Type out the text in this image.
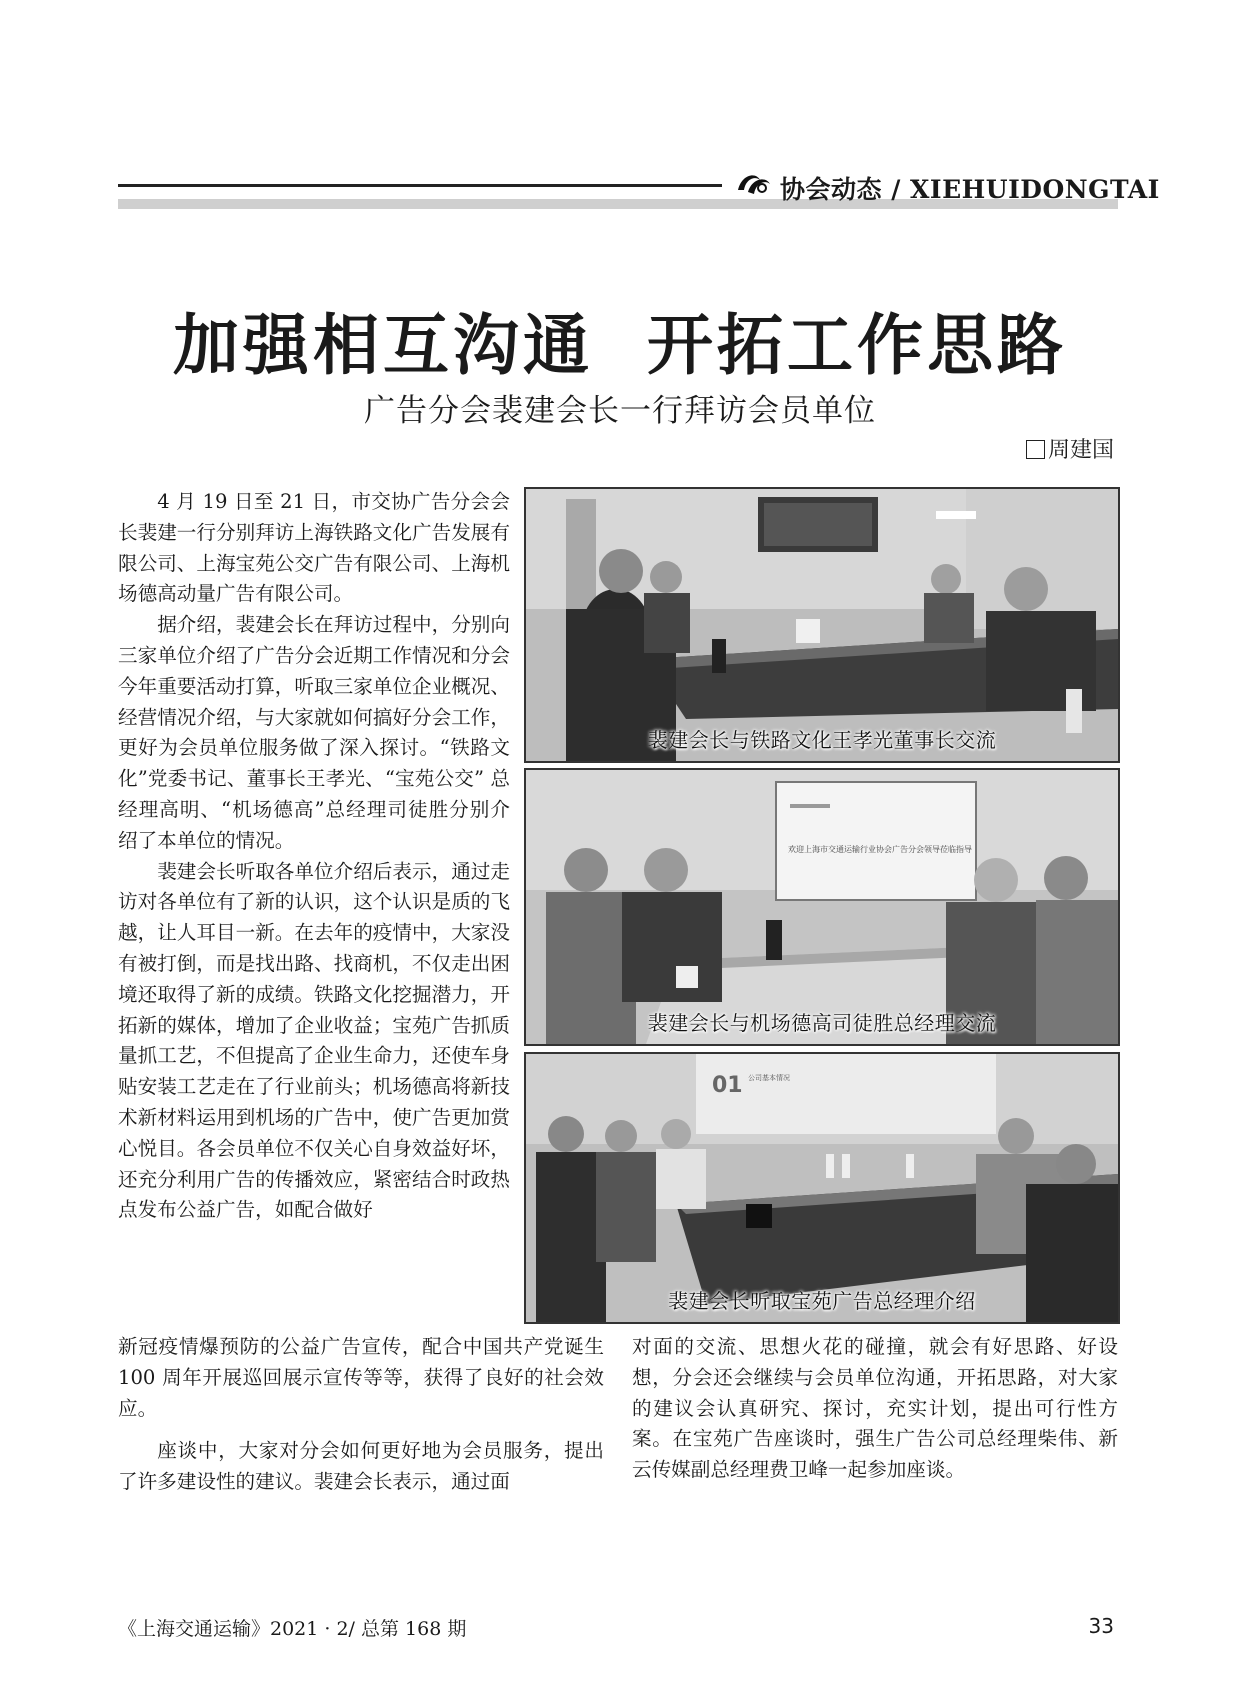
协会动态 / XIEHUIDONGTAI
加强相互沟通  开拓工作思路
广告分会裴建会长一行拜访会员单位
周建国

4 月 19 日至 21 日，市交协广告分会会长裴建一行分别拜访上海铁路文化广告发展有限公司、上海宝苑公交广告有限公司、上海机场德高动量广告有限公司。

据介绍，裴建会长在拜访过程中，分别向三家单位介绍了广告分会近期工作情况和分会今年重要活动打算，听取三家单位企业概况、经营情况介绍，与大家就如何搞好分会工作，更好为会员单位服务做了深入探讨。“铁路文化”党委书记、董事长王孝光、“宝苑公交” 总经理高明、“机场德高”总经理司徒胜分别介绍了本单位的情况。

裴建会长听取各单位介绍后表示，通过走访对各单位有了新的认识，这个认识是质的飞越，让人耳目一新。在去年的疫情中，大家没有被打倒，而是找出路、找商机，不仅走出困境还取得了新的成绩。铁路文化挖掘潜力，开拓新的媒体，增加了企业收益；宝苑广告抓质量抓工艺，不但提高了企业生命力，还使车身贴安装工艺走在了行业前头；机场德高将新技术新材料运用到机场的广告中，使广告更加赏心悦目。各会员单位不仅关心自身效益好坏，还充分利用广告的传播效应，紧密结合时政热点发布公益广告，如配合做好

裴建会长与铁路文化王孝光董事长交流
欢迎上海市交通运输行业协会广告分会领导莅临指导
裴建会长与机场德高司徒胜总经理交流
01 公司基本情况
裴建会长听取宝苑广告总经理介绍

新冠疫情爆预防的公益广告宣传，配合中国共产党诞生 100 周年开展巡回展示宣传等等，获得了良好的社会效应。

座谈中，大家对分会如何更好地为会员服务，提出了许多建设性的建议。裴建会长表示，通过面

对面的交流、思想火花的碰撞，就会有好思路、好设想，分会还会继续与会员单位沟通，开拓思路，对大家的建议会认真研究、探讨，充实计划，提出可行性方案。在宝苑广告座谈时，强生广告公司总经理柴伟、新云传媒副总经理费卫峰一起参加座谈。

《上海交通运输》2021 · 2/ 总第 168 期	33
